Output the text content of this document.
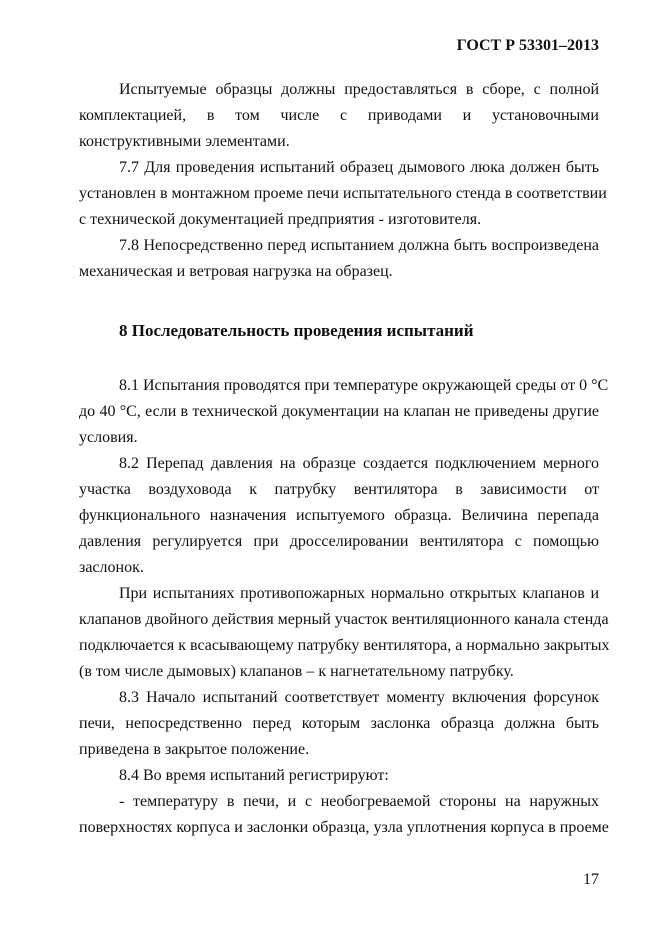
ГОСТ Р 53301–2013
Испытуемые образцы должны предоставляться в сборе, с полной
комплектацией, в том числе с приводами и установочными
конструктивными элементами.
7.7 Для проведения испытаний образец дымового люка должен быть
установлен в монтажном проеме печи испытательного стенда в соответствии
с технической документацией предприятия - изготовителя.
7.8 Непосредственно перед испытанием должна быть воспроизведена
механическая и ветровая нагрузка на образец.
8 Последовательность проведения испытаний
8.1 Испытания проводятся при температуре окружающей среды от 0 °С
до 40 °С, если в технической документации на клапан не приведены другие
условия.
8.2 Перепад давления на образце создается подключением мерного
участка воздуховода к патрубку вентилятора в зависимости от
функционального назначения испытуемого образца. Величина перепада
давления регулируется при дросселировании вентилятора с помощью
заслонок.
При испытаниях противопожарных нормально открытых клапанов и
клапанов двойного действия мерный участок вентиляционного канала стенда
подключается к всасывающему патрубку вентилятора, а нормально закрытых
(в том числе дымовых) клапанов – к нагнетательному патрубку.
8.3 Начало испытаний соответствует моменту включения форсунок
печи, непосредственно перед которым заслонка образца должна быть
приведена в закрытое положение.
8.4 Во время испытаний регистрируют:
- температуру в печи, и с необогреваемой стороны на наружных
поверхностях корпуса и заслонки образца, узла уплотнения корпуса в проеме
17
